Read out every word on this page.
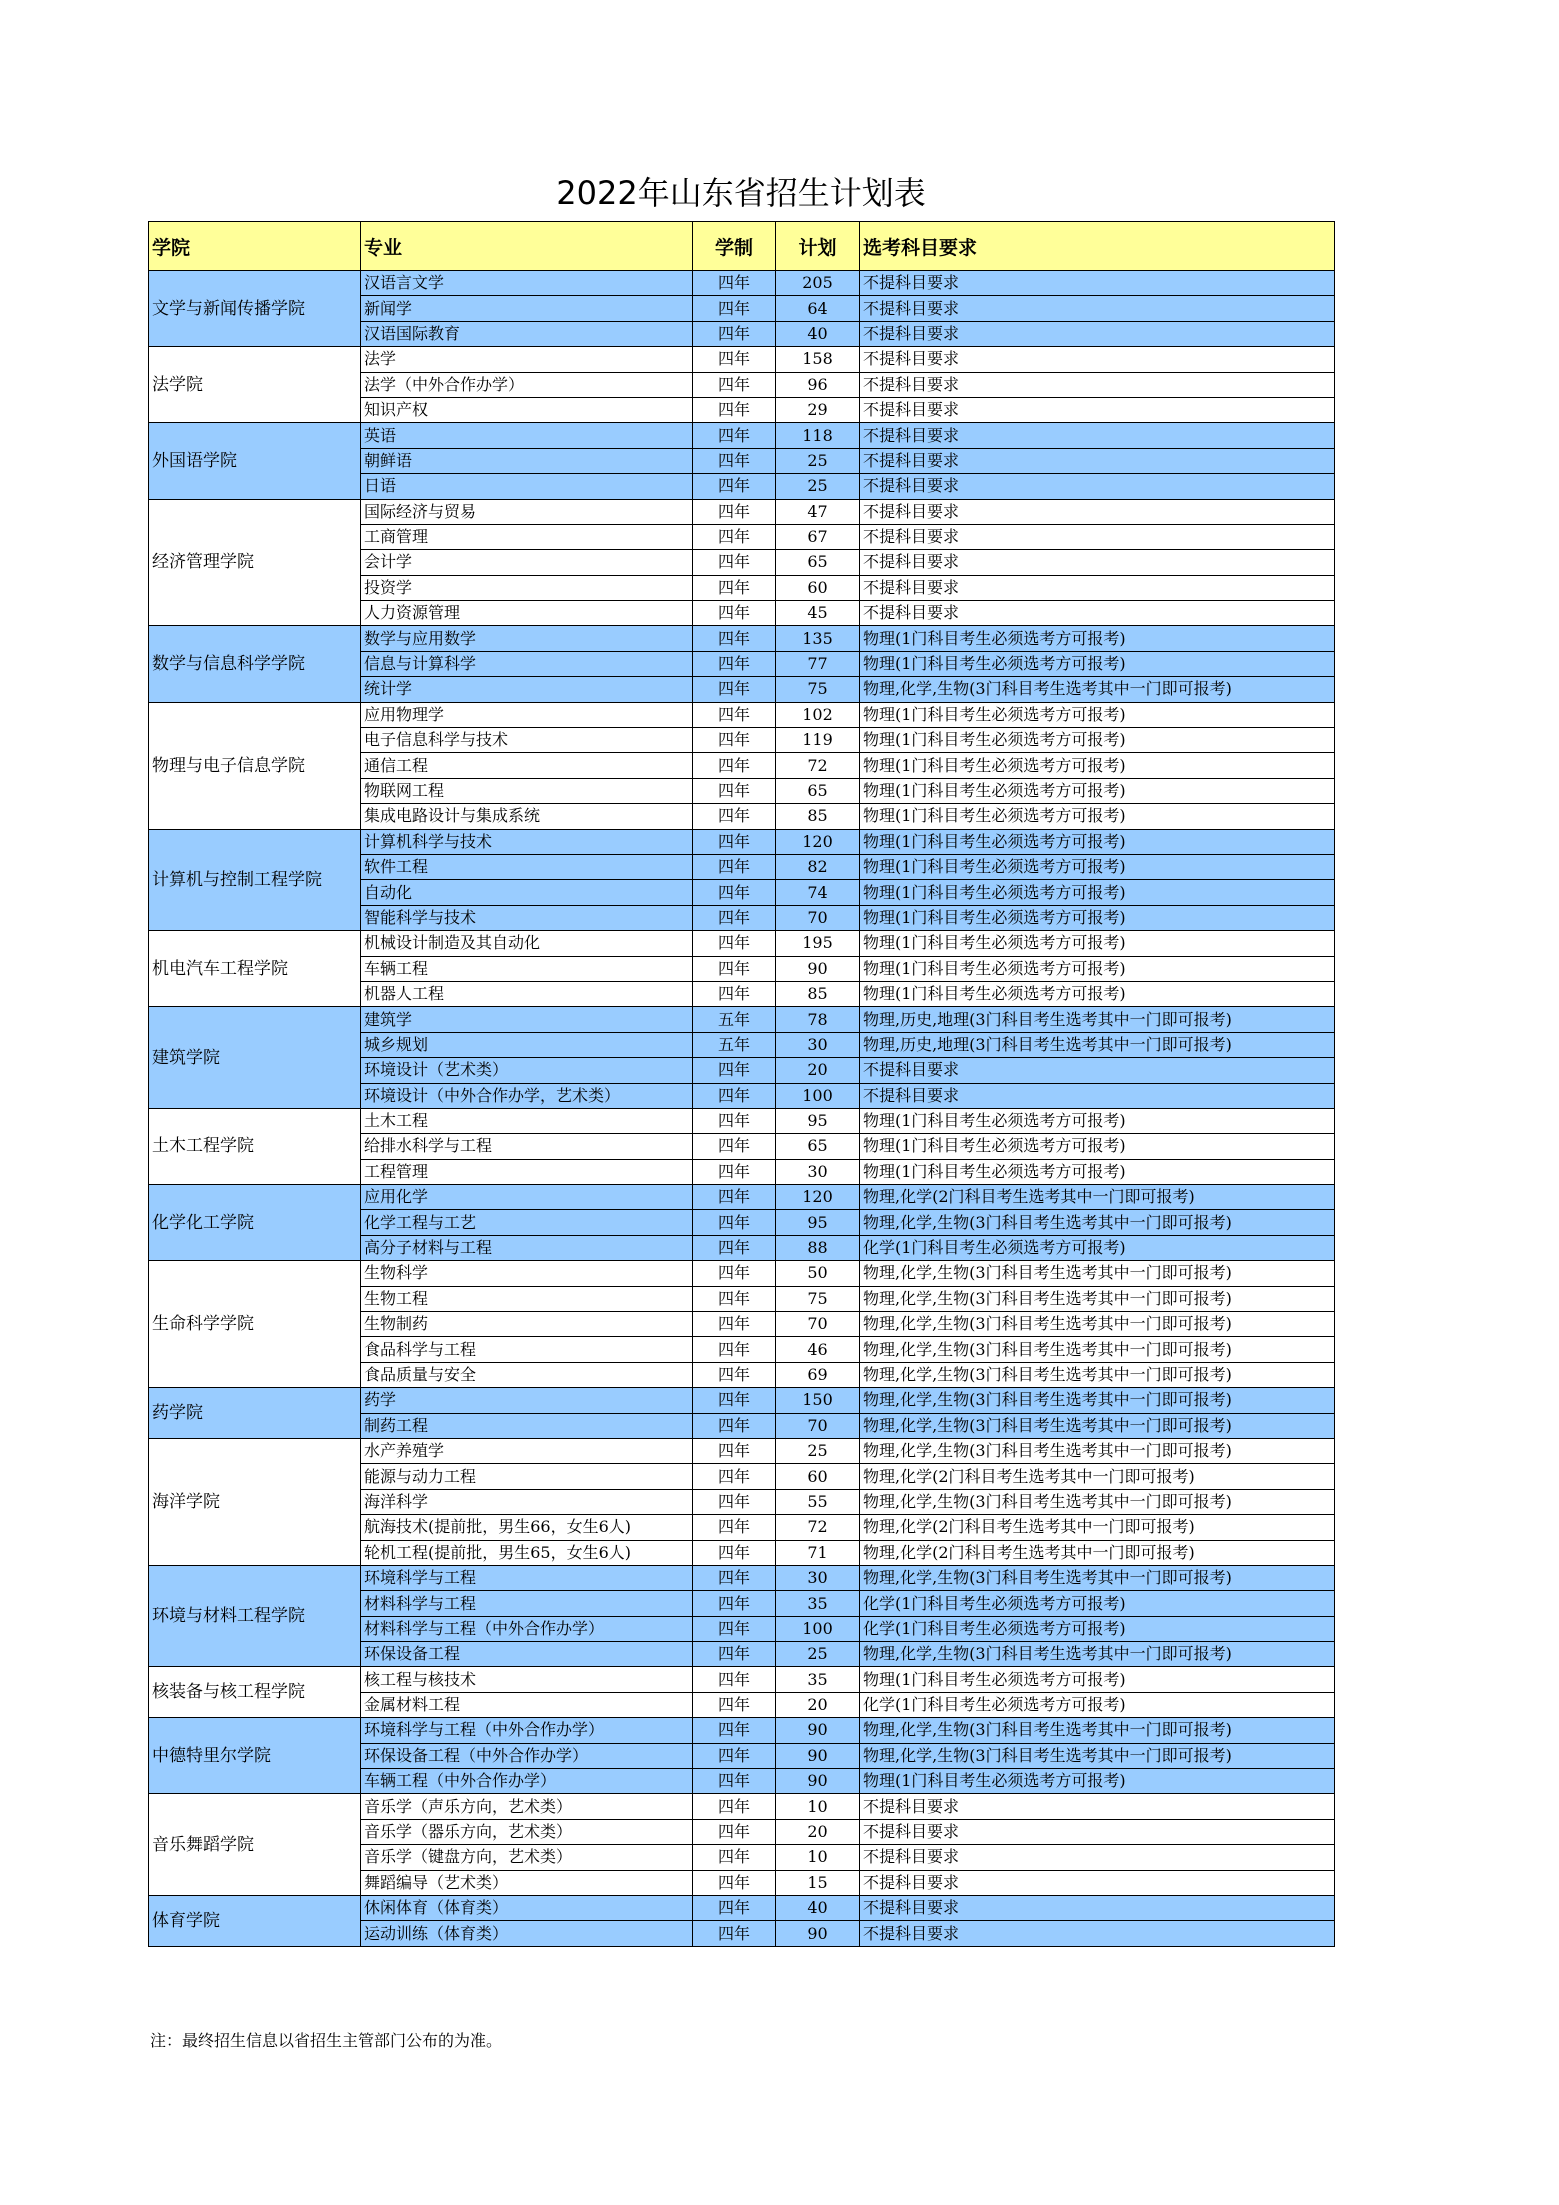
2022年山东省招生计划表
学院	专业	学制	计划	选考科目要求
文学与新闻传播学院	汉语言文学	四年	205	不提科目要求
	新闻学	四年	64	不提科目要求
	汉语国际教育	四年	40	不提科目要求
法学院	法学	四年	158	不提科目要求
	法学（中外合作办学）	四年	96	不提科目要求
	知识产权	四年	29	不提科目要求
外国语学院	英语	四年	118	不提科目要求
	朝鲜语	四年	25	不提科目要求
	日语	四年	25	不提科目要求
经济管理学院	国际经济与贸易	四年	47	不提科目要求
	工商管理	四年	67	不提科目要求
	会计学	四年	65	不提科目要求
	投资学	四年	60	不提科目要求
	人力资源管理	四年	45	不提科目要求
数学与信息科学学院	数学与应用数学	四年	135	物理(1门科目考生必须选考方可报考)
	信息与计算科学	四年	77	物理(1门科目考生必须选考方可报考)
	统计学	四年	75	物理,化学,生物(3门科目考生选考其中一门即可报考)
物理与电子信息学院	应用物理学	四年	102	物理(1门科目考生必须选考方可报考)
	电子信息科学与技术	四年	119	物理(1门科目考生必须选考方可报考)
	通信工程	四年	72	物理(1门科目考生必须选考方可报考)
	物联网工程	四年	65	物理(1门科目考生必须选考方可报考)
	集成电路设计与集成系统	四年	85	物理(1门科目考生必须选考方可报考)
计算机与控制工程学院	计算机科学与技术	四年	120	物理(1门科目考生必须选考方可报考)
	软件工程	四年	82	物理(1门科目考生必须选考方可报考)
	自动化	四年	74	物理(1门科目考生必须选考方可报考)
	智能科学与技术	四年	70	物理(1门科目考生必须选考方可报考)
机电汽车工程学院	机械设计制造及其自动化	四年	195	物理(1门科目考生必须选考方可报考)
	车辆工程	四年	90	物理(1门科目考生必须选考方可报考)
	机器人工程	四年	85	物理(1门科目考生必须选考方可报考)
建筑学院	建筑学	五年	78	物理,历史,地理(3门科目考生选考其中一门即可报考)
	城乡规划	五年	30	物理,历史,地理(3门科目考生选考其中一门即可报考)
	环境设计（艺术类）	四年	20	不提科目要求
	环境设计（中外合作办学，艺术类）	四年	100	不提科目要求
土木工程学院	土木工程	四年	95	物理(1门科目考生必须选考方可报考)
	给排水科学与工程	四年	65	物理(1门科目考生必须选考方可报考)
	工程管理	四年	30	物理(1门科目考生必须选考方可报考)
化学化工学院	应用化学	四年	120	物理,化学(2门科目考生选考其中一门即可报考)
	化学工程与工艺	四年	95	物理,化学,生物(3门科目考生选考其中一门即可报考)
	高分子材料与工程	四年	88	化学(1门科目考生必须选考方可报考)
生命科学学院	生物科学	四年	50	物理,化学,生物(3门科目考生选考其中一门即可报考)
	生物工程	四年	75	物理,化学,生物(3门科目考生选考其中一门即可报考)
	生物制药	四年	70	物理,化学,生物(3门科目考生选考其中一门即可报考)
	食品科学与工程	四年	46	物理,化学,生物(3门科目考生选考其中一门即可报考)
	食品质量与安全	四年	69	物理,化学,生物(3门科目考生选考其中一门即可报考)
药学院	药学	四年	150	物理,化学,生物(3门科目考生选考其中一门即可报考)
	制药工程	四年	70	物理,化学,生物(3门科目考生选考其中一门即可报考)
海洋学院	水产养殖学	四年	25	物理,化学,生物(3门科目考生选考其中一门即可报考)
	能源与动力工程	四年	60	物理,化学(2门科目考生选考其中一门即可报考)
	海洋科学	四年	55	物理,化学,生物(3门科目考生选考其中一门即可报考)
	航海技术(提前批，男生66，女生6人)	四年	72	物理,化学(2门科目考生选考其中一门即可报考)
	轮机工程(提前批，男生65，女生6人)	四年	71	物理,化学(2门科目考生选考其中一门即可报考)
环境与材料工程学院	环境科学与工程	四年	30	物理,化学,生物(3门科目考生选考其中一门即可报考)
	材料科学与工程	四年	35	化学(1门科目考生必须选考方可报考)
	材料科学与工程（中外合作办学）	四年	100	化学(1门科目考生必须选考方可报考)
	环保设备工程	四年	25	物理,化学,生物(3门科目考生选考其中一门即可报考)
核装备与核工程学院	核工程与核技术	四年	35	物理(1门科目考生必须选考方可报考)
	金属材料工程	四年	20	化学(1门科目考生必须选考方可报考)
中德特里尔学院	环境科学与工程（中外合作办学）	四年	90	物理,化学,生物(3门科目考生选考其中一门即可报考)
	环保设备工程（中外合作办学）	四年	90	物理,化学,生物(3门科目考生选考其中一门即可报考)
	车辆工程（中外合作办学）	四年	90	物理(1门科目考生必须选考方可报考)
音乐舞蹈学院	音乐学（声乐方向，艺术类）	四年	10	不提科目要求
	音乐学（器乐方向，艺术类）	四年	20	不提科目要求
	音乐学（键盘方向，艺术类）	四年	10	不提科目要求
	舞蹈编导（艺术类）	四年	15	不提科目要求
体育学院	休闲体育（体育类）	四年	40	不提科目要求
	运动训练（体育类）	四年	90	不提科目要求
注：最终招生信息以省招生主管部门公布的为准。
